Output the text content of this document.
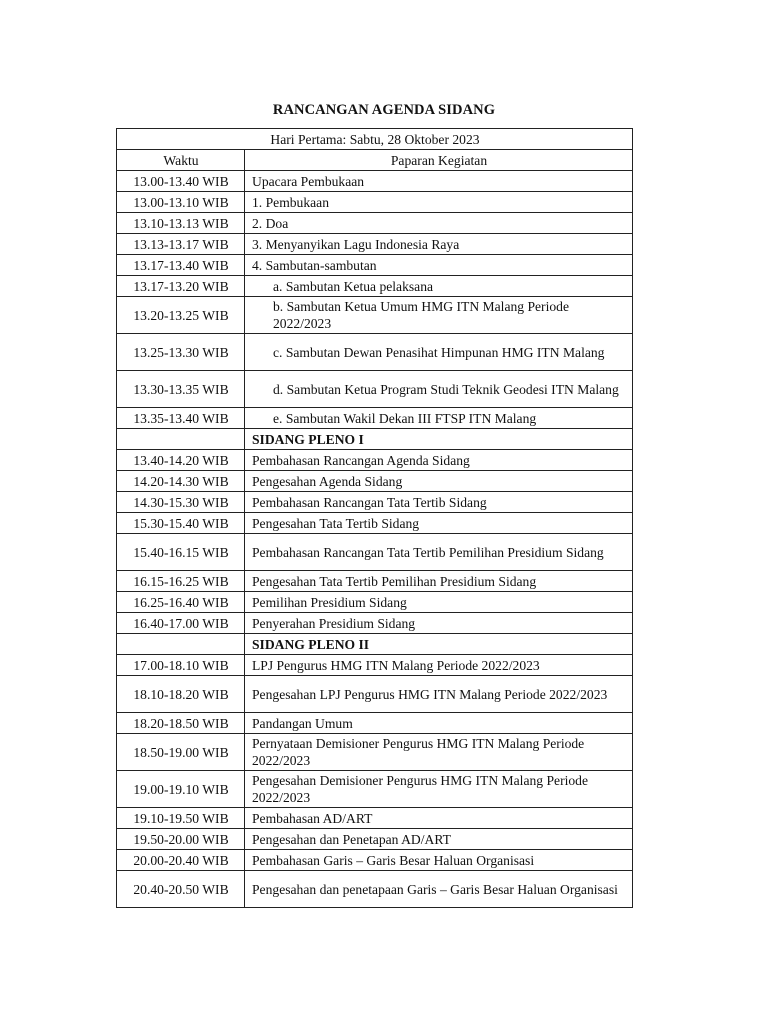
RANCANGAN AGENDA SIDANG
Hari Pertama: Sabtu, 28 Oktober 2023	
Waktu	Paparan Kegiatan
13.00-13.40 WIB	Upacara Pembukaan
13.00-13.10 WIB	1. Pembukaan
13.10-13.13 WIB	2. Doa
13.13-13.17 WIB	3. Menyanyikan Lagu Indonesia Raya
13.17-13.40 WIB	4. Sambutan-sambutan
13.17-13.20 WIB	a. Sambutan Ketua pelaksana
13.20-13.25 WIB	b. Sambutan Ketua Umum HMG ITN Malang Periode 2022/2023
13.25-13.30 WIB	c. Sambutan Dewan Penasihat Himpunan HMG ITN Malang
13.30-13.35 WIB	d. Sambutan Ketua Program Studi Teknik Geodesi ITN Malang
13.35-13.40 WIB	e. Sambutan Wakil Dekan III FTSP ITN Malang
	SIDANG PLENO I
13.40-14.20 WIB	Pembahasan Rancangan Agenda Sidang
14.20-14.30 WIB	Pengesahan Agenda Sidang
14.30-15.30 WIB	Pembahasan Rancangan Tata Tertib Sidang
15.30-15.40 WIB	Pengesahan Tata Tertib Sidang
15.40-16.15 WIB	Pembahasan Rancangan Tata Tertib Pemilihan Presidium Sidang
16.15-16.25 WIB	Pengesahan Tata Tertib Pemilihan Presidium Sidang
16.25-16.40 WIB	Pemilihan Presidium Sidang
16.40-17.00 WIB	Penyerahan Presidium Sidang
	SIDANG PLENO II
17.00-18.10 WIB	LPJ Pengurus HMG ITN Malang Periode 2022/2023
18.10-18.20 WIB	Pengesahan LPJ Pengurus HMG ITN Malang Periode 2022/2023
18.20-18.50 WIB	Pandangan Umum
18.50-19.00 WIB	Pernyataan Demisioner Pengurus HMG ITN Malang Periode 2022/2023
19.00-19.10 WIB	Pengesahan Demisioner Pengurus HMG ITN Malang Periode 2022/2023
19.10-19.50 WIB	Pembahasan AD/ART
19.50-20.00 WIB	Pengesahan dan Penetapan AD/ART
20.00-20.40 WIB	Pembahasan Garis – Garis Besar Haluan Organisasi
20.40-20.50 WIB	Pengesahan dan penetapaan Garis – Garis Besar Haluan Organisasi
